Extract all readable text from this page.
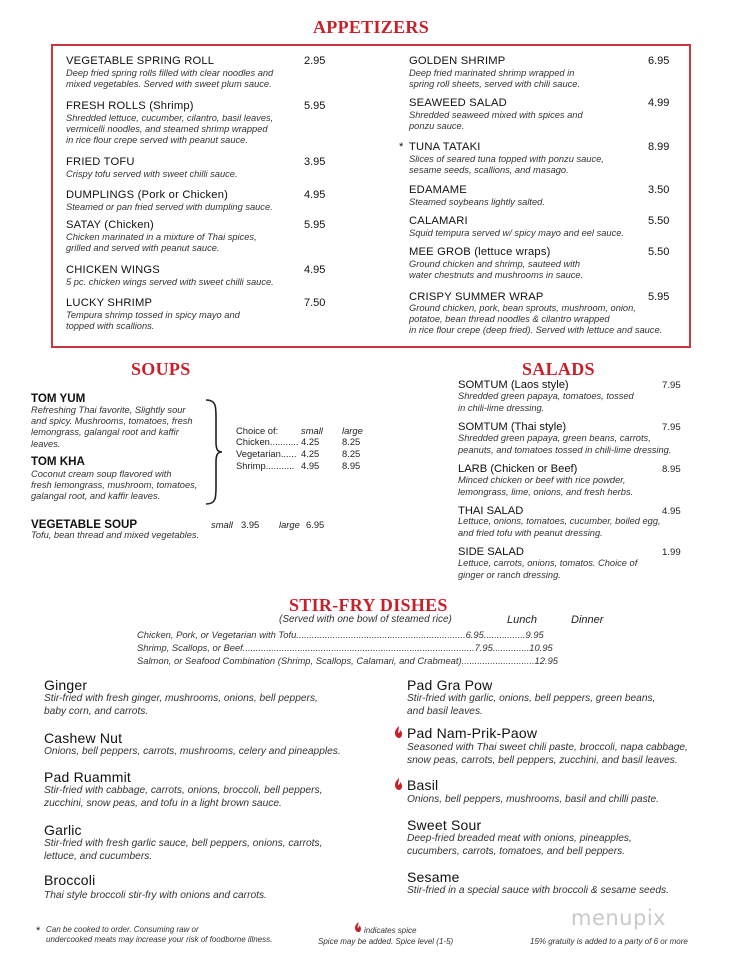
APPETIZERS
VEGETABLE SPRING ROLL	2.95
Deep fried spring rolls filled with clear noodles and
mixed vegetables. Served with sweet plum sauce.
FRESH ROLLS (Shrimp)	5.95
Shredded lettuce, cucumber, cilantro, basil leaves,
vermicelli noodles, and steamed shrimp wrapped
in rice flour crepe served with peanut sauce.
FRIED TOFU	3.95
Crispy tofu served with sweet chilli sauce.
DUMPLINGS (Pork or Chicken)	4.95
Steamed or pan fried served with dumpling sauce.
SATAY (Chicken)	5.95
Chicken marinated in a mixture of Thai spices,
grilled and served with peanut sauce.
CHICKEN WINGS	4.95
5 pc. chicken wings served with sweet chilli sauce.
LUCKY SHRIMP	7.50
Tempura shrimp tossed in spicy mayo and
topped with scallions.
GOLDEN SHRIMP	6.95
Deep fried marinated shrimp wrapped in
spring roll sheets, served with chili sauce.
SEAWEED SALAD	4.99
Shredded seaweed mixed with spices and
ponzu sauce.
* TUNA TATAKI	8.99
Slices of seared tuna topped with ponzu sauce,
sesame seeds, scallions, and masago.
EDAMAME	3.50
Steamed soybeans lightly salted.
CALAMARI	5.50
Squid tempura served w/ spicy mayo and eel sauce.
MEE GROB (lettuce wraps)	5.50
Ground chicken and shrimp, sauteed with
water chestnuts and mushrooms in sauce.
CRISPY SUMMER WRAP	5.95
Ground chicken, pork, bean sprouts, mushroom, onion,
potatoe, bean thread noodles & cilantro wrapped
in rice flour crepe (deep fried). Served with lettuce and sauce.
SOUPS
TOM YUM
Refreshing Thai favorite, Slightly sour
and spicy. Mushrooms, tomatoes, fresh
lemongrass, galangal root and kaffir
leaves.
TOM KHA
Coconut cream soup flavored with
fresh lemongrass, mushroom, tomatoes,
galangal root, and kaffir leaves.
Choice of: small large
Chicken........... 4.25 8.25
Vegetarian...... 4.25 8.25
Shrimp........... 4.95 8.95
VEGETABLE SOUP	small 3.95 large 6.95
Tofu, bean thread and mixed vegetables.
SALADS
SOMTUM (Laos style)	7.95
Shredded green papaya, tomatoes, tossed
in chili-lime dressing.
SOMTUM (Thai style)	7.95
Shredded green papaya, green beans, carrots,
peanuts, and tomatoes tossed in chili-lime dressing.
LARB (Chicken or Beef)	8.95
Minced chicken or beef with rice powder,
lemongrass, lime, onions, and fresh herbs.
THAI SALAD	4.95
Lettuce, onions, tomatoes, cucumber, boiled egg,
and fried tofu with peanut dressing.
SIDE SALAD	1.99
Lettuce, carrots, onions, tomatos. Choice of
ginger or ranch dressing.
STIR-FRY DISHES
(Served with one bowl of steamed rice)	Lunch	Dinner
Chicken, Pork, or Vegetarian with Tofu.................................................................6.95................9.95
Shrimp, Scallops, or Beef.........................................................................................7.95..............10.95
Salmon, or Seafood Combination (Shrimp, Scallops, Calamari, and Crabmeat)............................12.95
Ginger
Stir-fried with fresh ginger, mushrooms, onions, bell peppers,
baby corn, and carrots.
Cashew Nut
Onions, bell peppers, carrots, mushrooms, celery and pineapples.
Pad Ruammit
Stir-fried with cabbage, carrots, onions, broccoli, bell peppers,
zucchini, snow peas, and tofu in a light brown sauce.
Garlic
Stir-fried with fresh garlic sauce, bell peppers, onions, carrots,
lettuce, and cucumbers.
Broccoli
Thai style broccoli stir-fry with onions and carrots.
Pad Gra Pow
Stir-fried with garlic, onions, bell peppers, green beans,
and basil leaves.
Pad Nam-Prik-Paow
Seasoned with Thai sweet chili paste, broccoli, napa cabbage,
snow peas, carrots, bell peppers, zucchini, and basil leaves.
Basil
Onions, bell peppers, mushrooms, basil and chilli paste.
Sweet Sour
Deep-fried breaded meat with onions, pineapples,
cucumbers, carrots, tomatoes, and bell peppers.
Sesame
Stir-fried in a special sauce with broccoli & sesame seeds.
* Can be cooked to order. Consuming raw or
undercooked meats may increase your risk of foodborne illness.
indicates spice
Spice may be added. Spice level (1-5)	15% gratuity is added to a party of 6 or more
menupix
